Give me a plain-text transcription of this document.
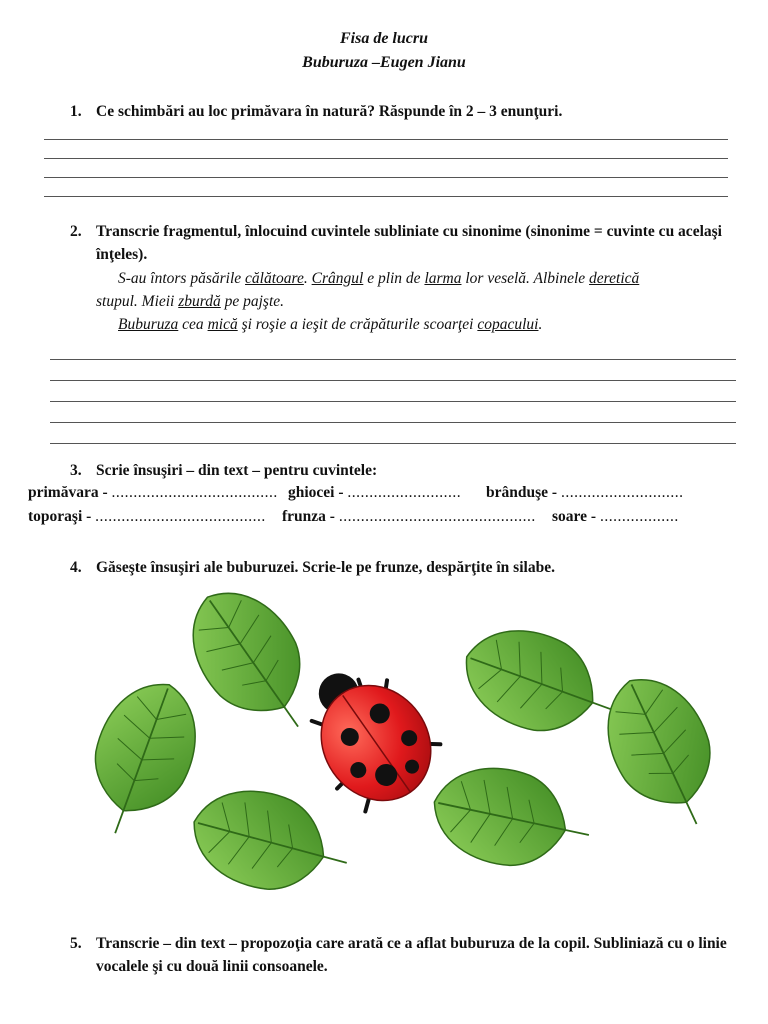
Fisa de lucru
Buburuza –Eugen Jianu
1. Ce schimbări au loc primăvara în natură? Răspunde în 2 – 3 enunţuri.
2. Transcrie fragmentul, înlocuind cuvintele subliniate cu sinonime (sinonime = cuvinte cu acelaşi înţeles).

S-au întors păsările călătoare. Crângul e plin de larma lor veselă. Albinele deretică

stupul. Mieii zburdă pe pajşte.

Buburuza cea mică şi roşie a ieşit de crăpăturile scoarţei copacului.

3. Scrie însuşiri – din text – pentru cuvintele:
primăvara - ...................................... ghiocei - .......................... brânduşe - ............................
toporaşi - ....................................... frunza - ............................................. soare - ..................
4. Găseşte însuşiri ale buburuzei. Scrie-le pe frunze, despărţite în silabe.
5. Transcrie – din text – propozoţia care arată ce a aflat buburuza de la copil. Subliniază cu o linie vocalele şi cu două linii consoanele.
